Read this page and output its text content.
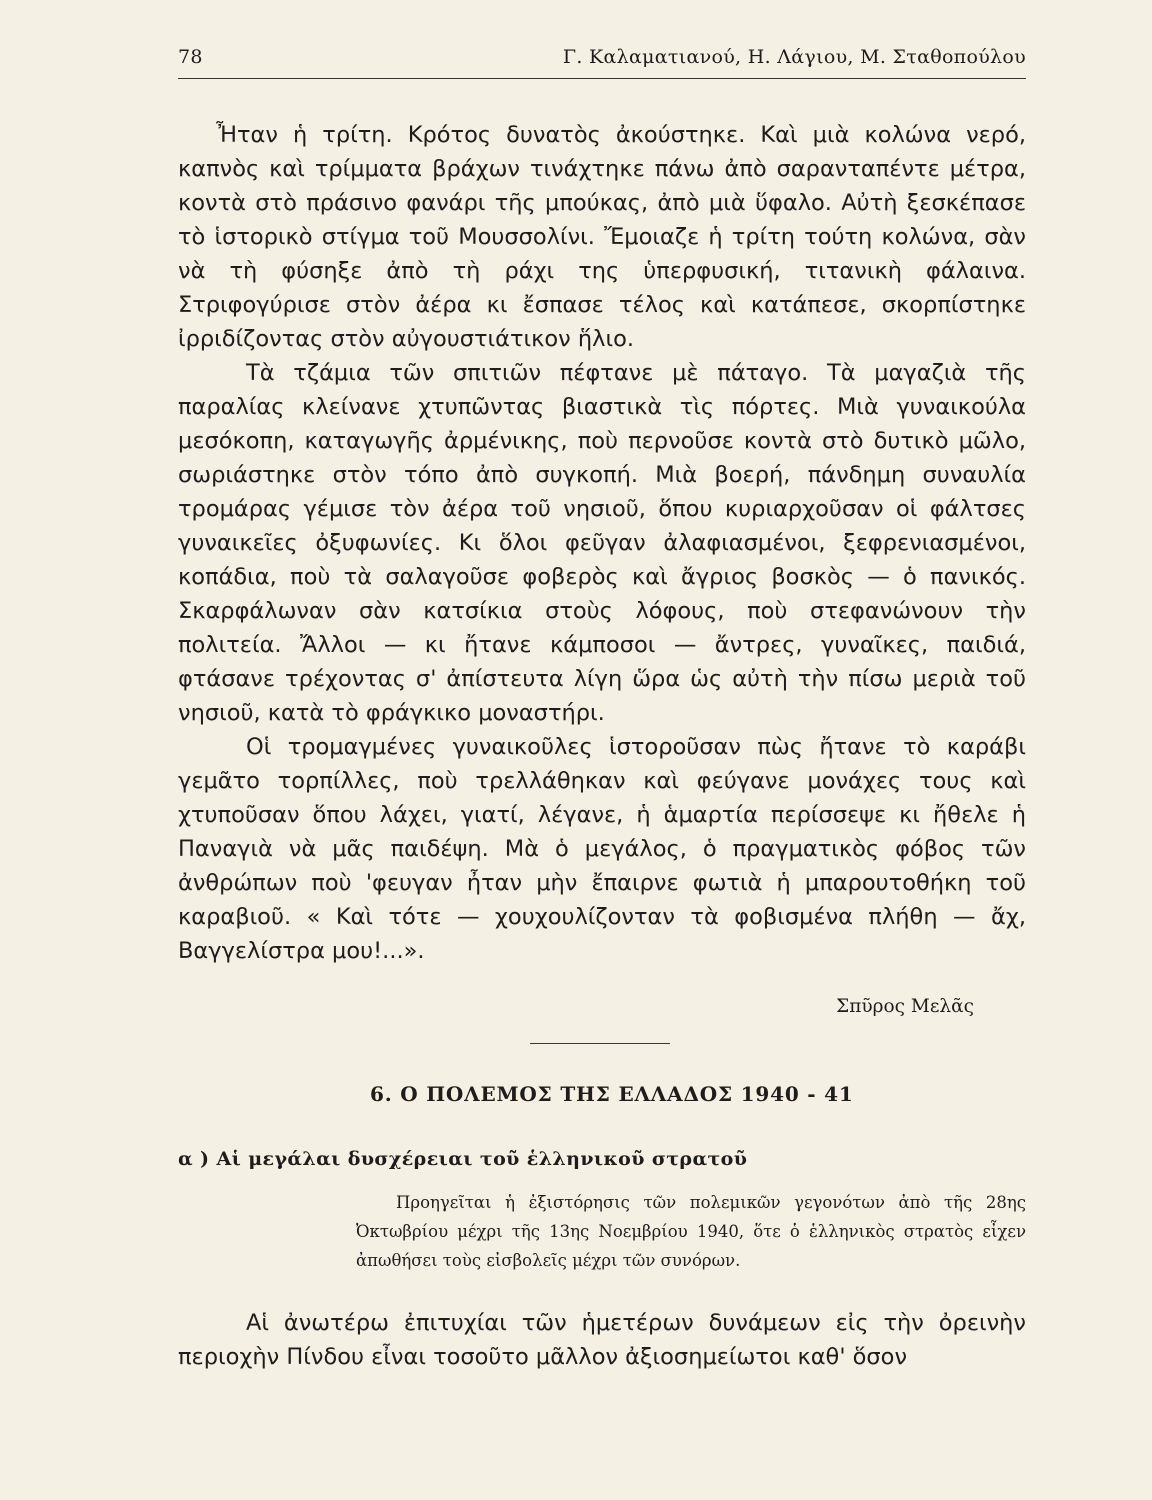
78	Γ. Καλαματιανού, Η. Λάγιου, Μ. Σταθοπούλου

Ἦταν ἡ τρίτη. Κρότος δυνατὸς ἀκούστηκε. Καὶ μιὰ κολώνα νερό, καπνὸς καὶ τρίμματα βράχων τινάχτηκε πάνω ἀπὸ σαρανταπέντε μέτρα, κοντὰ στὸ πράσινο φανάρι τῆς μπούκας, ἀπὸ μιὰ ὕφαλο. Αὐτὴ ξεσκέπασε τὸ ἱστορικὸ στίγμα τοῦ Μουσσολίνι. Ἔμοιαζε ἡ τρίτη τούτη κολώνα, σὰν νὰ τὴ φύσηξε ἀπὸ τὴ ράχι της ὑπερφυσική, τιτανικὴ φάλαινα. Στριφογύρισε στὸν ἀέρα κι ἔσπασε τέλος καὶ κατάπεσε, σκορπίστηκε ἰρριδίζοντας στὸν αὐγουστιάτικον ἥλιο.

Τὰ τζάμια τῶν σπιτιῶν πέφτανε μὲ πάταγο. Τὰ μαγαζιὰ τῆς παραλίας κλείνανε χτυπῶντας βιαστικὰ τὶς πόρτες. Μιὰ γυναικούλα μεσόκοπη, καταγωγῆς ἀρμένικης, ποὺ περνοῦσε κοντὰ στὸ δυτικὸ μῶλο, σωριάστηκε στὸν τόπο ἀπὸ συγκοπή. Μιὰ βοερή, πάνδημη συναυλία τρομάρας γέμισε τὸν ἀέρα τοῦ νησιοῦ, ὅπου κυριαρχοῦσαν οἱ φάλτσες γυναικεῖες ὀξυφωνίες. Κι ὅλοι φεῦγαν ἀλαφιασμένοι, ξεφρενιασμένοι, κοπάδια, ποὺ τὰ σαλαγοῦσε φοβερὸς καὶ ἄγριος βοσκὸς — ὁ πανικός. Σκαρφάλωναν σὰν κατσίκια στοὺς λόφους, ποὺ στεφανώνουν τὴν πολιτεία. Ἄλλοι — κι ἤτανε κάμποσοι — ἄντρες, γυναῖκες, παιδιά, φτάσανε τρέχοντας σ' ἀπίστευτα λίγη ὥρα ὡς αὐτὴ τὴν πίσω μεριὰ τοῦ νησιοῦ, κατὰ τὸ φράγκικο μοναστήρι.

Οἱ τρομαγμένες γυναικοῦλες ἱστοροῦσαν πὼς ἤτανε τὸ καράβι γεμᾶτο τορπίλλες, ποὺ τρελλάθηκαν καὶ φεύγανε μονάχες τους καὶ χτυποῦσαν ὅπου λάχει, γιατί, λέγανε, ἡ ἁμαρτία περίσσεψε κι ἤθελε ἡ Παναγιὰ νὰ μᾶς παιδέψη. Μὰ ὁ μεγάλος, ὁ πραγματικὸς φόβος τῶν ἀνθρώπων ποὺ 'φευγαν ἦταν μὴν ἔπαιρνε φωτιὰ ἡ μπαρουτοθήκη τοῦ καραβιοῦ. « Καὶ τότε — χουχουλίζονταν τὰ φοβισμένα πλήθη — ἄχ, Βαγγελίστρα μου!...».

Σπῦρος Μελᾶς
6. Ο ΠΟΛΕΜΟΣ ΤΗΣ ΕΛΛΑΔΟΣ 1940 - 41
α ) Αἱ μεγάλαι δυσχέρειαι τοῦ ἑλληνικοῦ στρατοῦ

Προηγεῖται ἡ ἐξιστόρησις τῶν πολεμικῶν γεγονότων ἀπὸ τῆς 28ης Ὀκτωβρίου μέχρι τῆς 13ης Νοεμβρίου 1940, ὅτε ὁ ἑλληνικὸς στρατὸς εἶχεν ἀπωθήσει τοὺς εἰσβολεῖς μέχρι τῶν συνόρων.

Αἱ ἀνωτέρω ἐπιτυχίαι τῶν ἡμετέρων δυνάμεων εἰς τὴν ὀρεινὴν περιοχὴν Πίνδου εἶναι τοσοῦτο μᾶλλον ἀξιοσημείωτοι καθ' ὅσον
